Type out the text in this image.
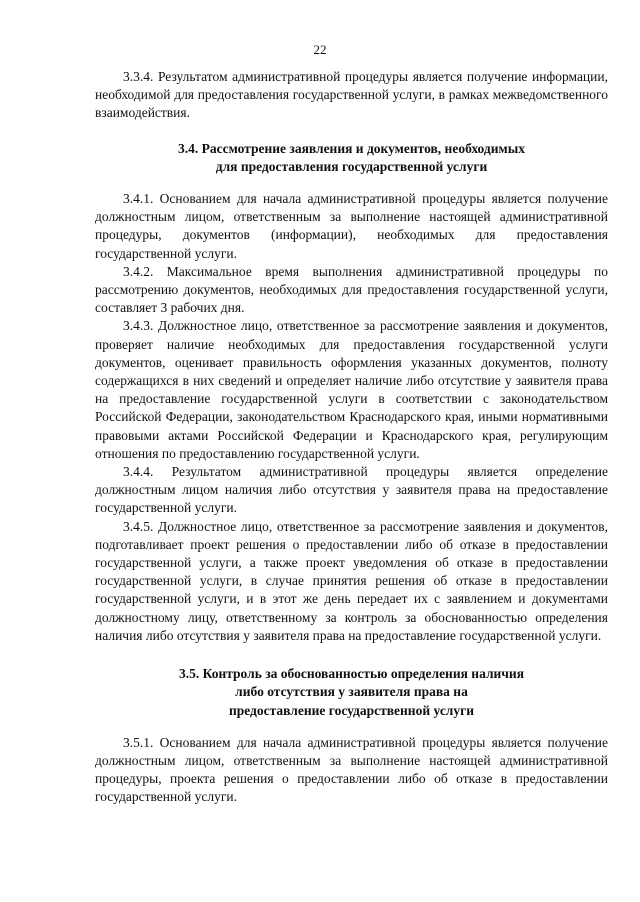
22

3.3.4. Результатом административной процедуры является получение информации, необходимой для предоставления государственной услуги, в рамках межведомственного взаимодействия.

3.4. Рассмотрение заявления и документов, необходимых
для предоставления государственной услуги

3.4.1. Основанием для начала административной процедуры является получение должностным лицом, ответственным за выполнение настоящей административной процедуры, документов (информации), необходимых для предоставления государственной услуги.

3.4.2. Максимальное время выполнения административной процедуры по рассмотрению документов, необходимых для предоставления государственной услуги, составляет 3 рабочих дня.

3.4.3. Должностное лицо, ответственное за рассмотрение заявления и документов, проверяет наличие необходимых для предоставления государственной услуги документов, оценивает правильность оформления указанных документов, полноту содержащихся в них сведений и определяет наличие либо отсутствие у заявителя права на предоставление государственной услуги в соответствии с законодательством Российской Федерации, законодательством Краснодарского края, иными нормативными правовыми актами Российской Федерации и Краснодарского края, регулирующим отношения по предоставлению государственной услуги.

3.4.4. Результатом административной процедуры является определение должностным лицом наличия либо отсутствия у заявителя права на предоставление государственной услуги.

3.4.5. Должностное лицо, ответственное за рассмотрение заявления и документов, подготавливает проект решения о предоставлении либо об отказе в предоставлении государственной услуги, а также проект уведомления об отказе в предоставлении государственной услуги, в случае принятия решения об отказе в предоставлении государственной услуги, и в этот же день передает их с заявлением и документами должностному лицу, ответственному за контроль за обоснованностью определения наличия либо отсутствия у заявителя права на предоставление государственной услуги.

3.5. Контроль за обоснованностью определения наличия
либо отсутствия у заявителя права на
предоставление государственной услуги

3.5.1. Основанием для начала административной процедуры является получение должностным лицом, ответственным за выполнение настоящей административной процедуры, проекта решения о предоставлении либо об отказе в предоставлении государственной услуги.
